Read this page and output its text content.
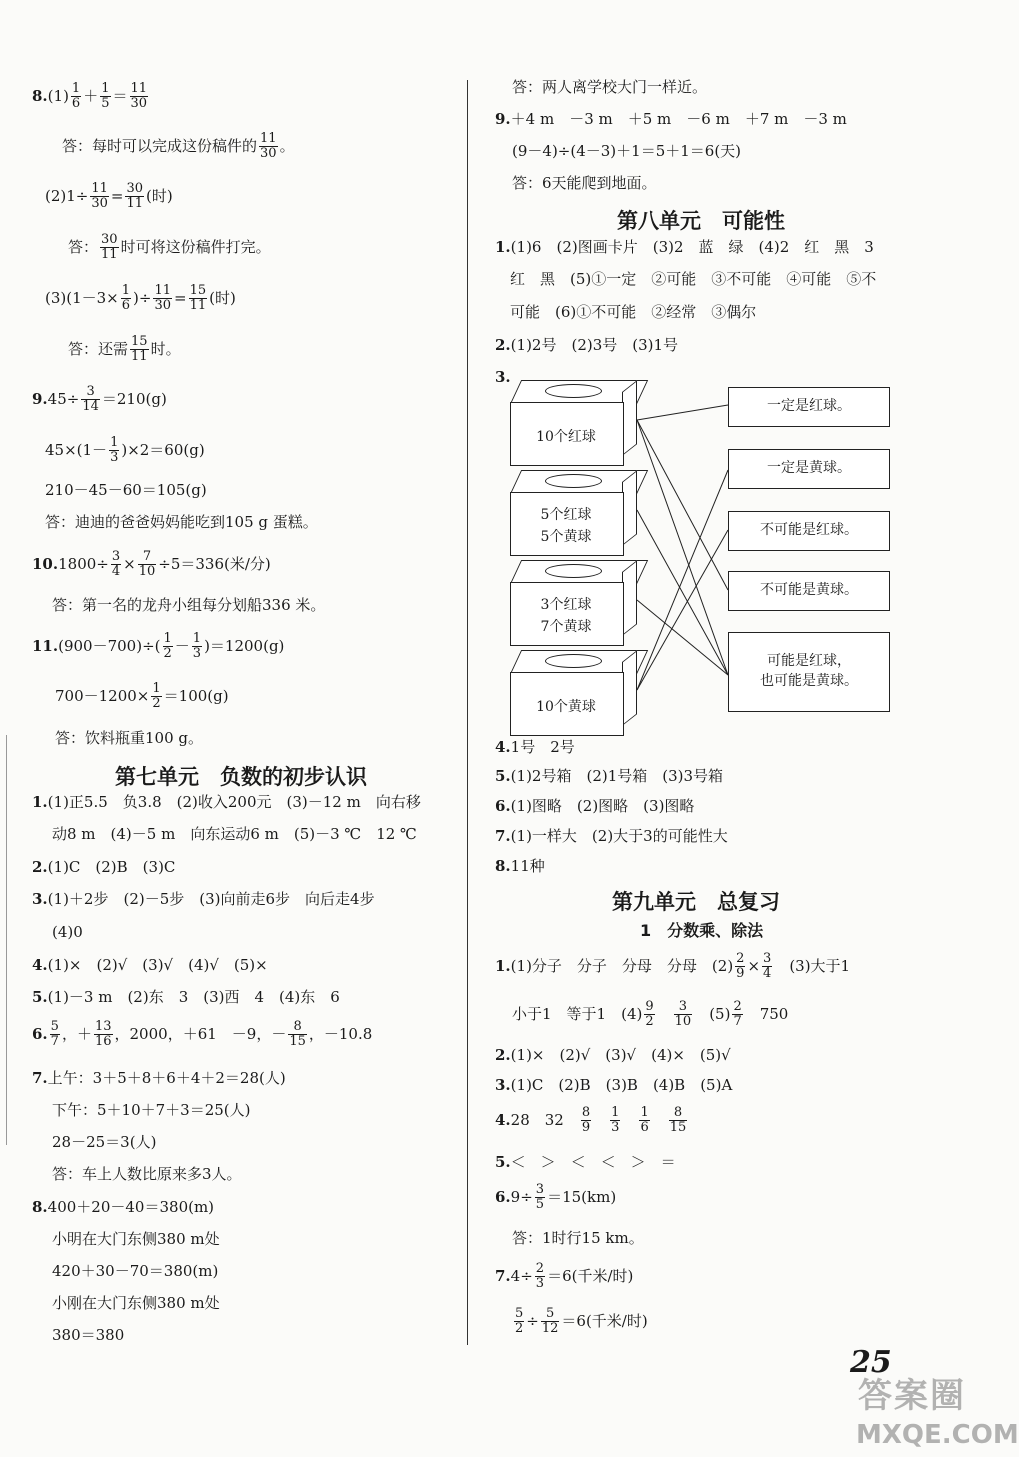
$8.(1) \frac{1}{6} + \frac{1}{5} = \frac{11}{30}$
答：每时可以完成这份稿件的 $\frac{11}{30}$ 。
$(2)1\div \frac{11}{30} = \frac{30}{11}$ (时)
答： $\frac{30}{11}$ 时可将这份稿件打完。
$(3)(1-3\times \frac{1}{6}$ )÷ $\frac{11}{30} = \frac{15}{11}$ (时)
答：还需 $\frac{15}{11}$ 时。
$9.45\div \frac{3}{14} =210(g)$
$45\times(1- \frac{1}{3} )\times 2=60(g)$
210－45－60＝105(g)
答：迪迪的爸爸妈妈能吃到105 g 蛋糕。
$10.1800\div \frac{3}{4} \times \frac{7}{10} \div 5=336$(米/分)
答：第一名的龙舟小组每分划船336 米。
$11.(900-700)\div( \frac{1}{2} - \frac{1}{3} )=1200(g)$
$700-1200\times \frac{1}{2} =100(g)$
答：饮料瓶重100 g。
第七单元　负数的初步认识
1.(1)正5.5　负3.8　(2)收入200元　(3)－12 m　向右移
动8 m　(4)－5 m　向东运动6 m　(5)－3 ℃　12 ℃
2.(1)C　(2)B　(3)C
3.(1)＋2步　(2)－5步　(3)向前走6步　向后走4步
(4)0
4.(1)×　(2)√　(3)√　(4)√　(5)×
5.(1)－3 m　(2)东　3　(3)西　4　(4)东　6
6. $\frac{5}{7}$ ，＋ $\frac{13}{16}$ ，2000，＋61　－9，－ $\frac{8}{15}$ ，－10.8
7.上午：3＋5＋8＋6＋4＋2＝28(人)
下午：5＋10＋7＋3＝25(人)
28－25＝3(人)
答：车上人数比原来多3人。
8.400＋20－40＝380(m)
小明在大门东侧380 m处
420＋30－70＝380(m)
小刚在大门东侧380 m处
380＝380
答：两人离学校大门一样近。
9.＋4 m　－3 m　＋5 m　－6 m　＋7 m　－3 m
(9－4)÷(4－3)＋1＝5＋1＝6(天)
答：6天能爬到地面。
第八单元　可能性
1.(1)6　(2)图画卡片　(3)2　蓝　绿　(4)2　红　黑　3
红　黑　(5)①一定　②可能　③不可能　④可能　⑤不
可能　(6)①不可能　②经常　③偶尔
2.(1)2号　(2)3号　(3)1号
3.
10个红球
5个红球
5个黄球
3个红球
7个黄球
10个黄球
一定是红球。
一定是黄球。
不可能是红球。
不可能是黄球。
可能是红球，
也可能是黄球。
4.1号　2号
5.(1)2号箱　(2)1号箱　(3)3号箱
6.(1)图略　(2)图略　(3)图略
7.(1)一样大　(2)大于3的可能性大
8.11种
第九单元　总复习
1　分数乘、除法
1.(1)分子　分子　分母　分母　$(2) \frac{2}{9} \times \frac{3}{4}$ 　(3)大于1
小于1　等于1　$(4) \frac{9}{2}$
　 $\frac{3}{10}$ 　$(5) \frac{2}{7}$ 　750
2.(1)×　(2)√　(3)√　(4)×　(5)√
3.(1)C　(2)B　(3)B　(4)B　(5)A
4.28　32　 $\frac{8}{9}$
　 $\frac{1}{3}$
　 $\frac{1}{6}$
　 $\frac{8}{15}$
5.＜　＞　＜　＜　＞　＝
$6.9\div \frac{3}{5} =15(km)$
答：1时行15 km。
$7.4\div \frac{2}{3} =6$(千米/时)
$\frac{5}{2} \div \frac{5}{12} =6$(千米/时)
25
答案圈
MXQE.COM
